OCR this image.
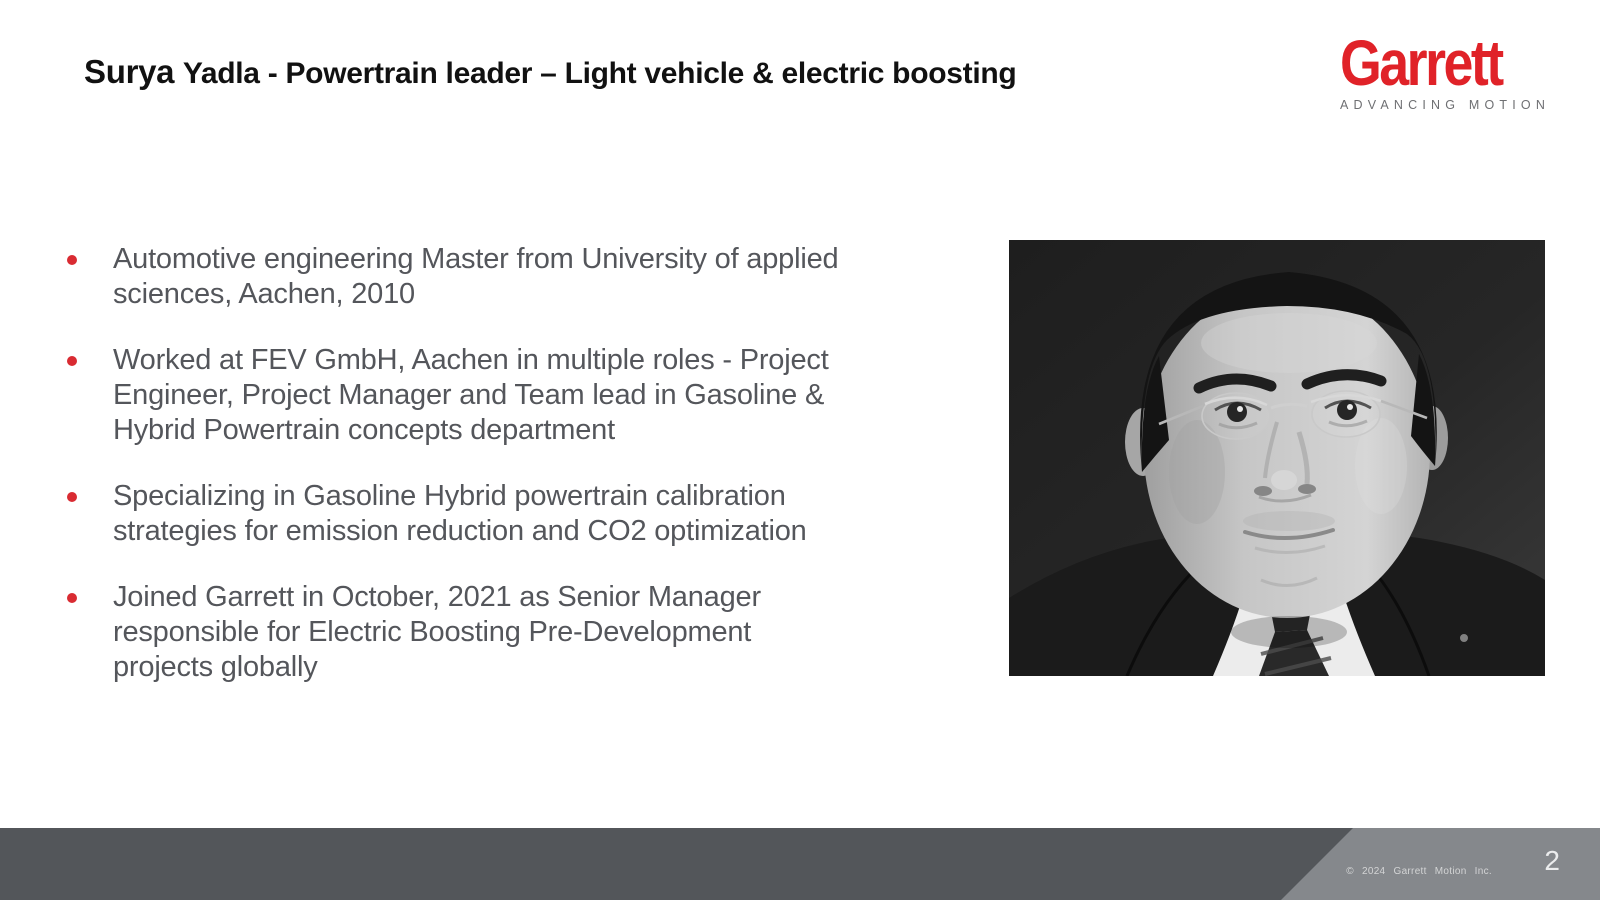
Surya Yadla - Powertrain leader – Light vehicle & electric boosting	Garrett
ADVANCING MOTION
Automotive engineering Master from University of applied
sciences, Aachen, 2010
Worked at FEV GmbH, Aachen in multiple roles - Project
Engineer, Project Manager and Team lead in Gasoline &
Hybrid Powertrain concepts department
Specializing in Gasoline Hybrid powertrain calibration
strategies for emission reduction and CO2 optimization
Joined Garrett in October, 2021 as Senior Manager
responsible for Electric Boosting Pre-Development
projects globally
© 2024 Garrett Motion Inc. 2
